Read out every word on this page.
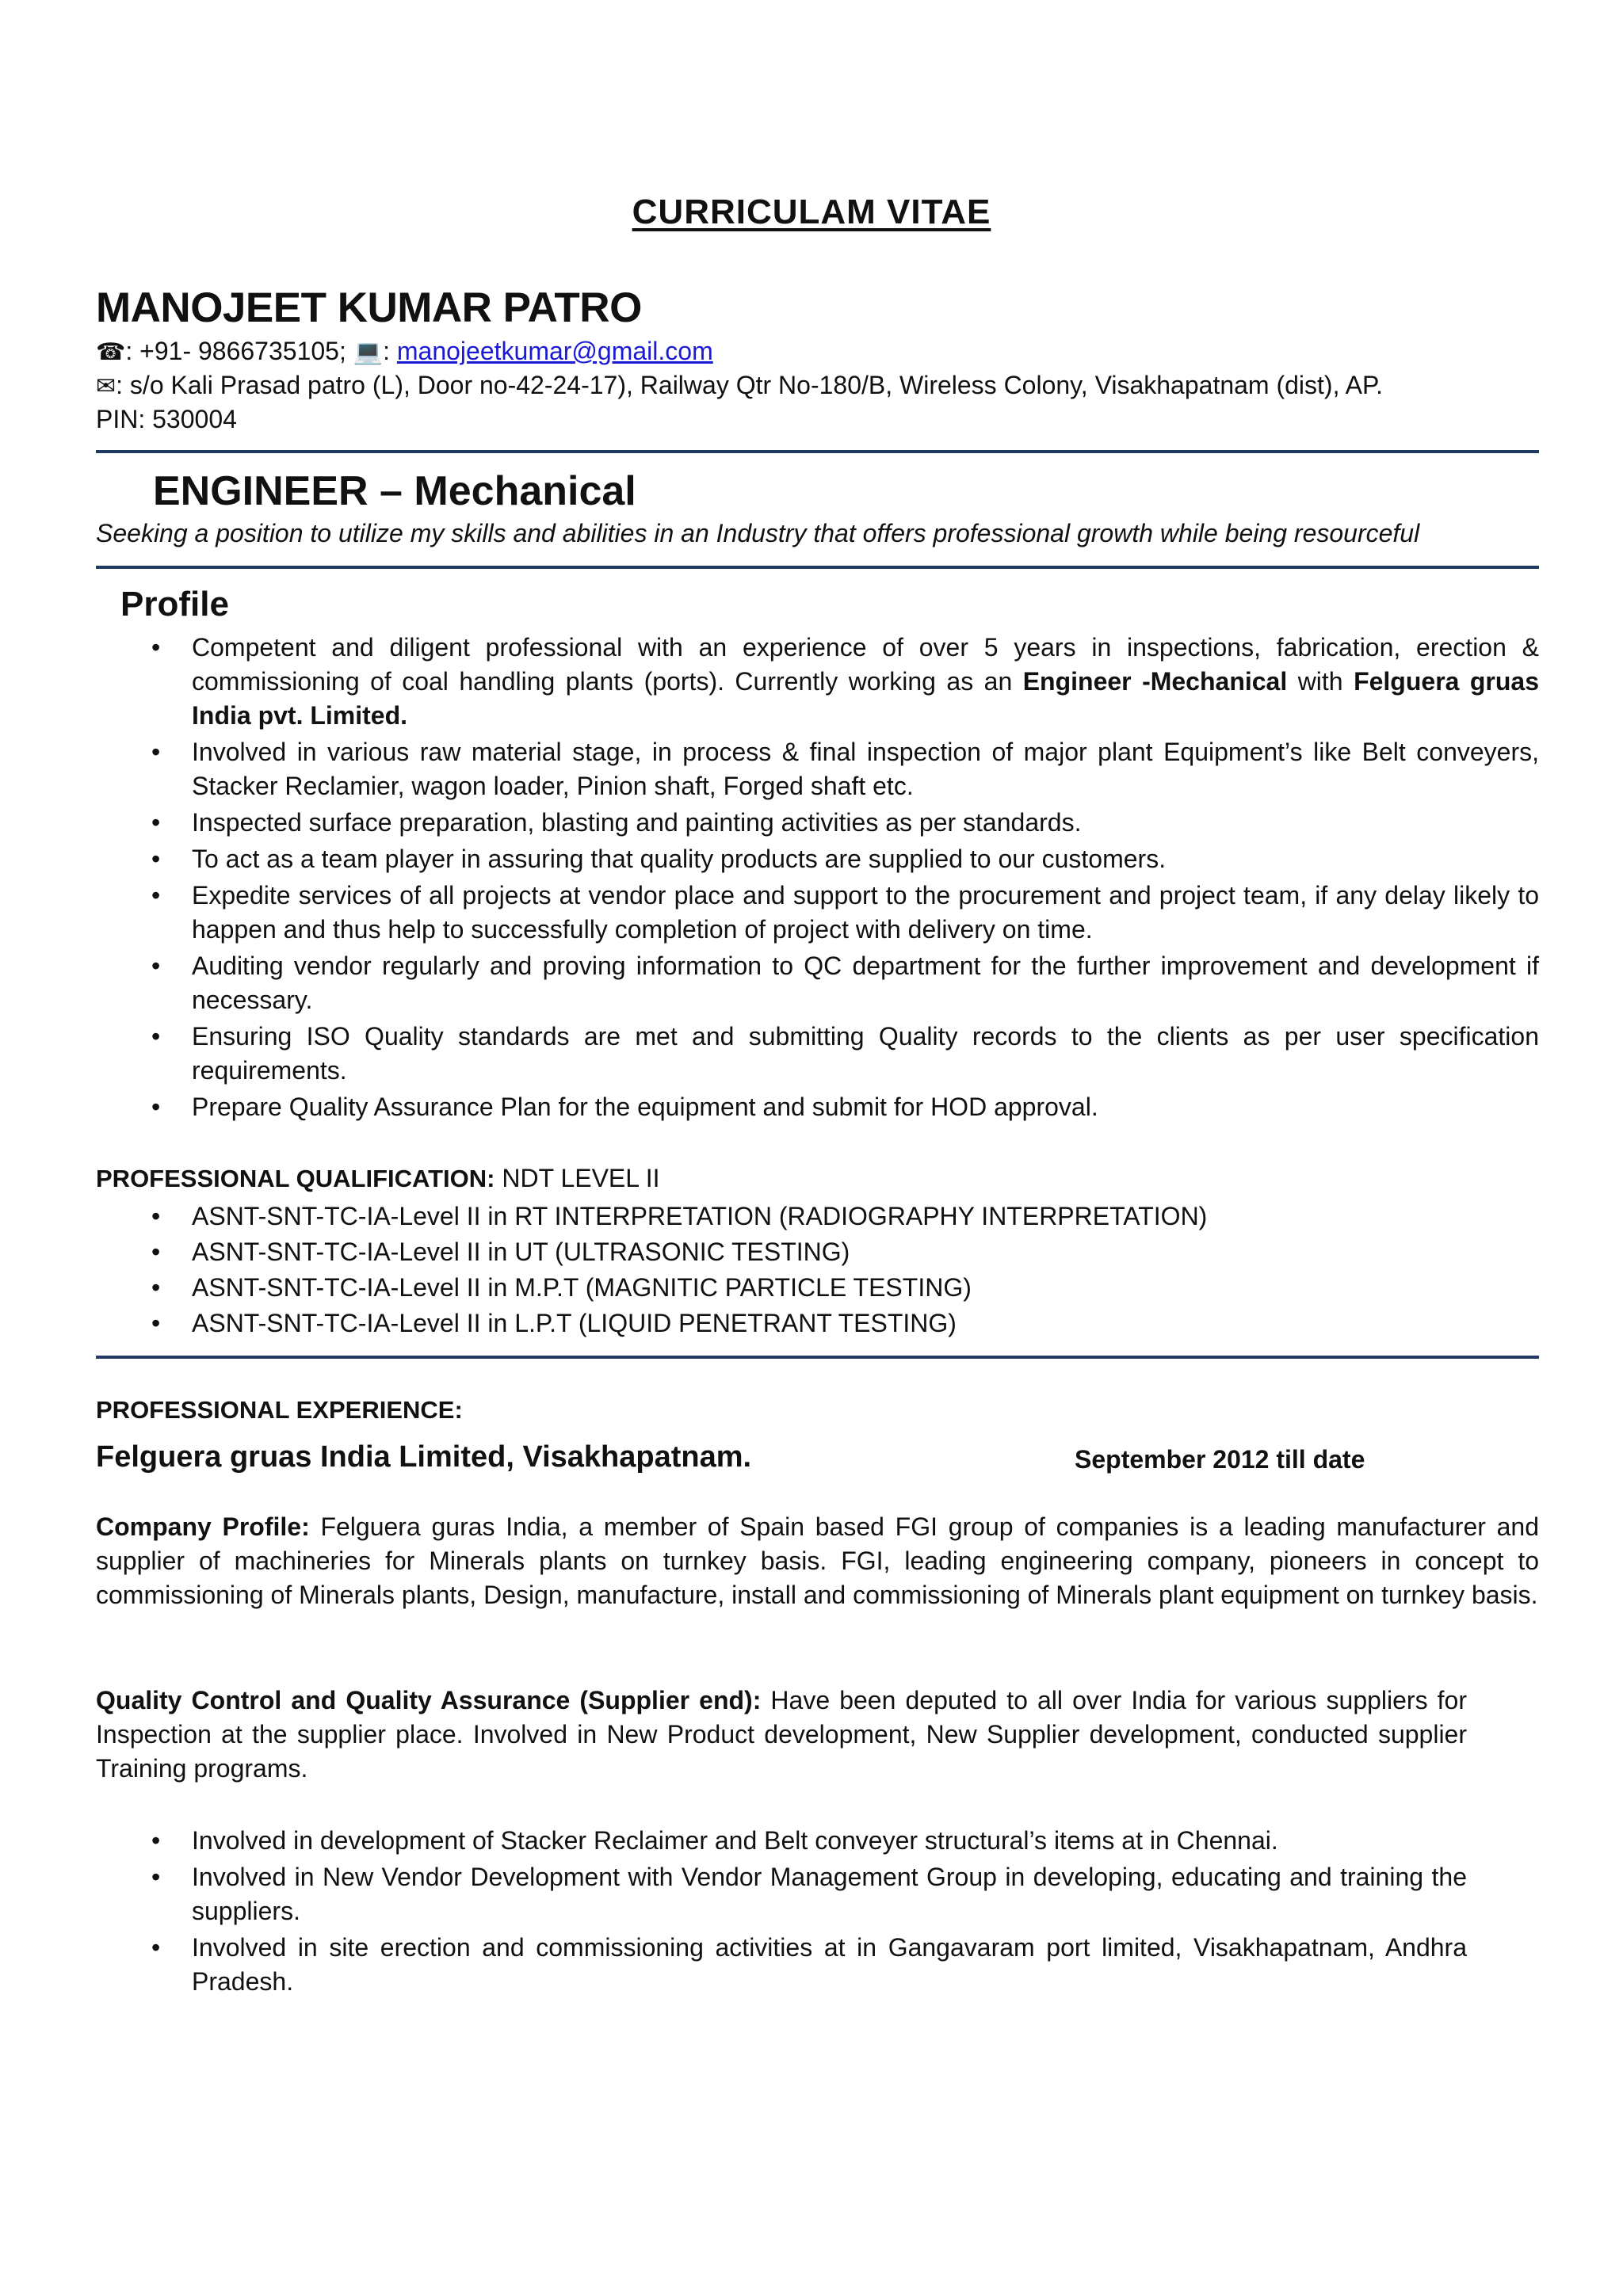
CURRICULAM VITAE
MANOJEET KUMAR PATRO
☎: +91- 9866735105; 💻: manojeetkumar@gmail.com
✉: s/o Kali Prasad patro (L), Door no-42-24-17), Railway Qtr No-180/B, Wireless Colony, Visakhapatnam (dist), AP.
PIN: 530004
ENGINEER – Mechanical
Seeking a position to utilize my skills and abilities in an Industry that offers professional growth while being resourceful
Profile
• Competent and diligent professional with an experience of over 5 years in inspections, fabrication, erection & commissioning of coal handling plants (ports). Currently working as an Engineer -Mechanical with Felguera gruas India pvt. Limited.
• Involved in various raw material stage, in process & final inspection of major plant Equipment’s like Belt conveyers, Stacker Reclamier, wagon loader, Pinion shaft, Forged shaft etc.
• Inspected surface preparation, blasting and painting activities as per standards.
• To act as a team player in assuring that quality products are supplied to our customers.
• Expedite services of all projects at vendor place and support to the procurement and project team, if any delay likely to happen and thus help to successfully completion of project with delivery on time.
• Auditing vendor regularly and proving information to QC department for the further improvement and development if necessary.
• Ensuring ISO Quality standards are met and submitting Quality records to the clients as per user specification requirements.
• Prepare Quality Assurance Plan for the equipment and submit for HOD approval.
PROFESSIONAL QUALIFICATION: NDT LEVEL II
• ASNT-SNT-TC-IA-Level II in RT INTERPRETATION (RADIOGRAPHY INTERPRETATION)
• ASNT-SNT-TC-IA-Level II in UT (ULTRASONIC TESTING)
• ASNT-SNT-TC-IA-Level II in M.P.T (MAGNITIC PARTICLE TESTING)
• ASNT-SNT-TC-IA-Level II in L.P.T (LIQUID PENETRANT TESTING)
PROFESSIONAL EXPERIENCE:
Felguera gruas India Limited, Visakhapatnam.	September 2012 till date
Company Profile: Felguera guras India, a member of Spain based FGI group of companies is a leading manufacturer and supplier of machineries for Minerals plants on turnkey basis. FGI, leading engineering company, pioneers in concept to commissioning of Minerals plants, Design, manufacture, install and commissioning of Minerals plant equipment on turnkey basis.
Quality Control and Quality Assurance (Supplier end): Have been deputed to all over India for various suppliers for Inspection at the supplier place. Involved in New Product development, New Supplier development, conducted supplier Training programs.
• Involved in development of Stacker Reclaimer and Belt conveyer structural’s items at in Chennai.
• Involved in New Vendor Development with Vendor Management Group in developing, educating and training the suppliers.
• Involved in site erection and commissioning activities at in Gangavaram port limited, Visakhapatnam, Andhra Pradesh.
